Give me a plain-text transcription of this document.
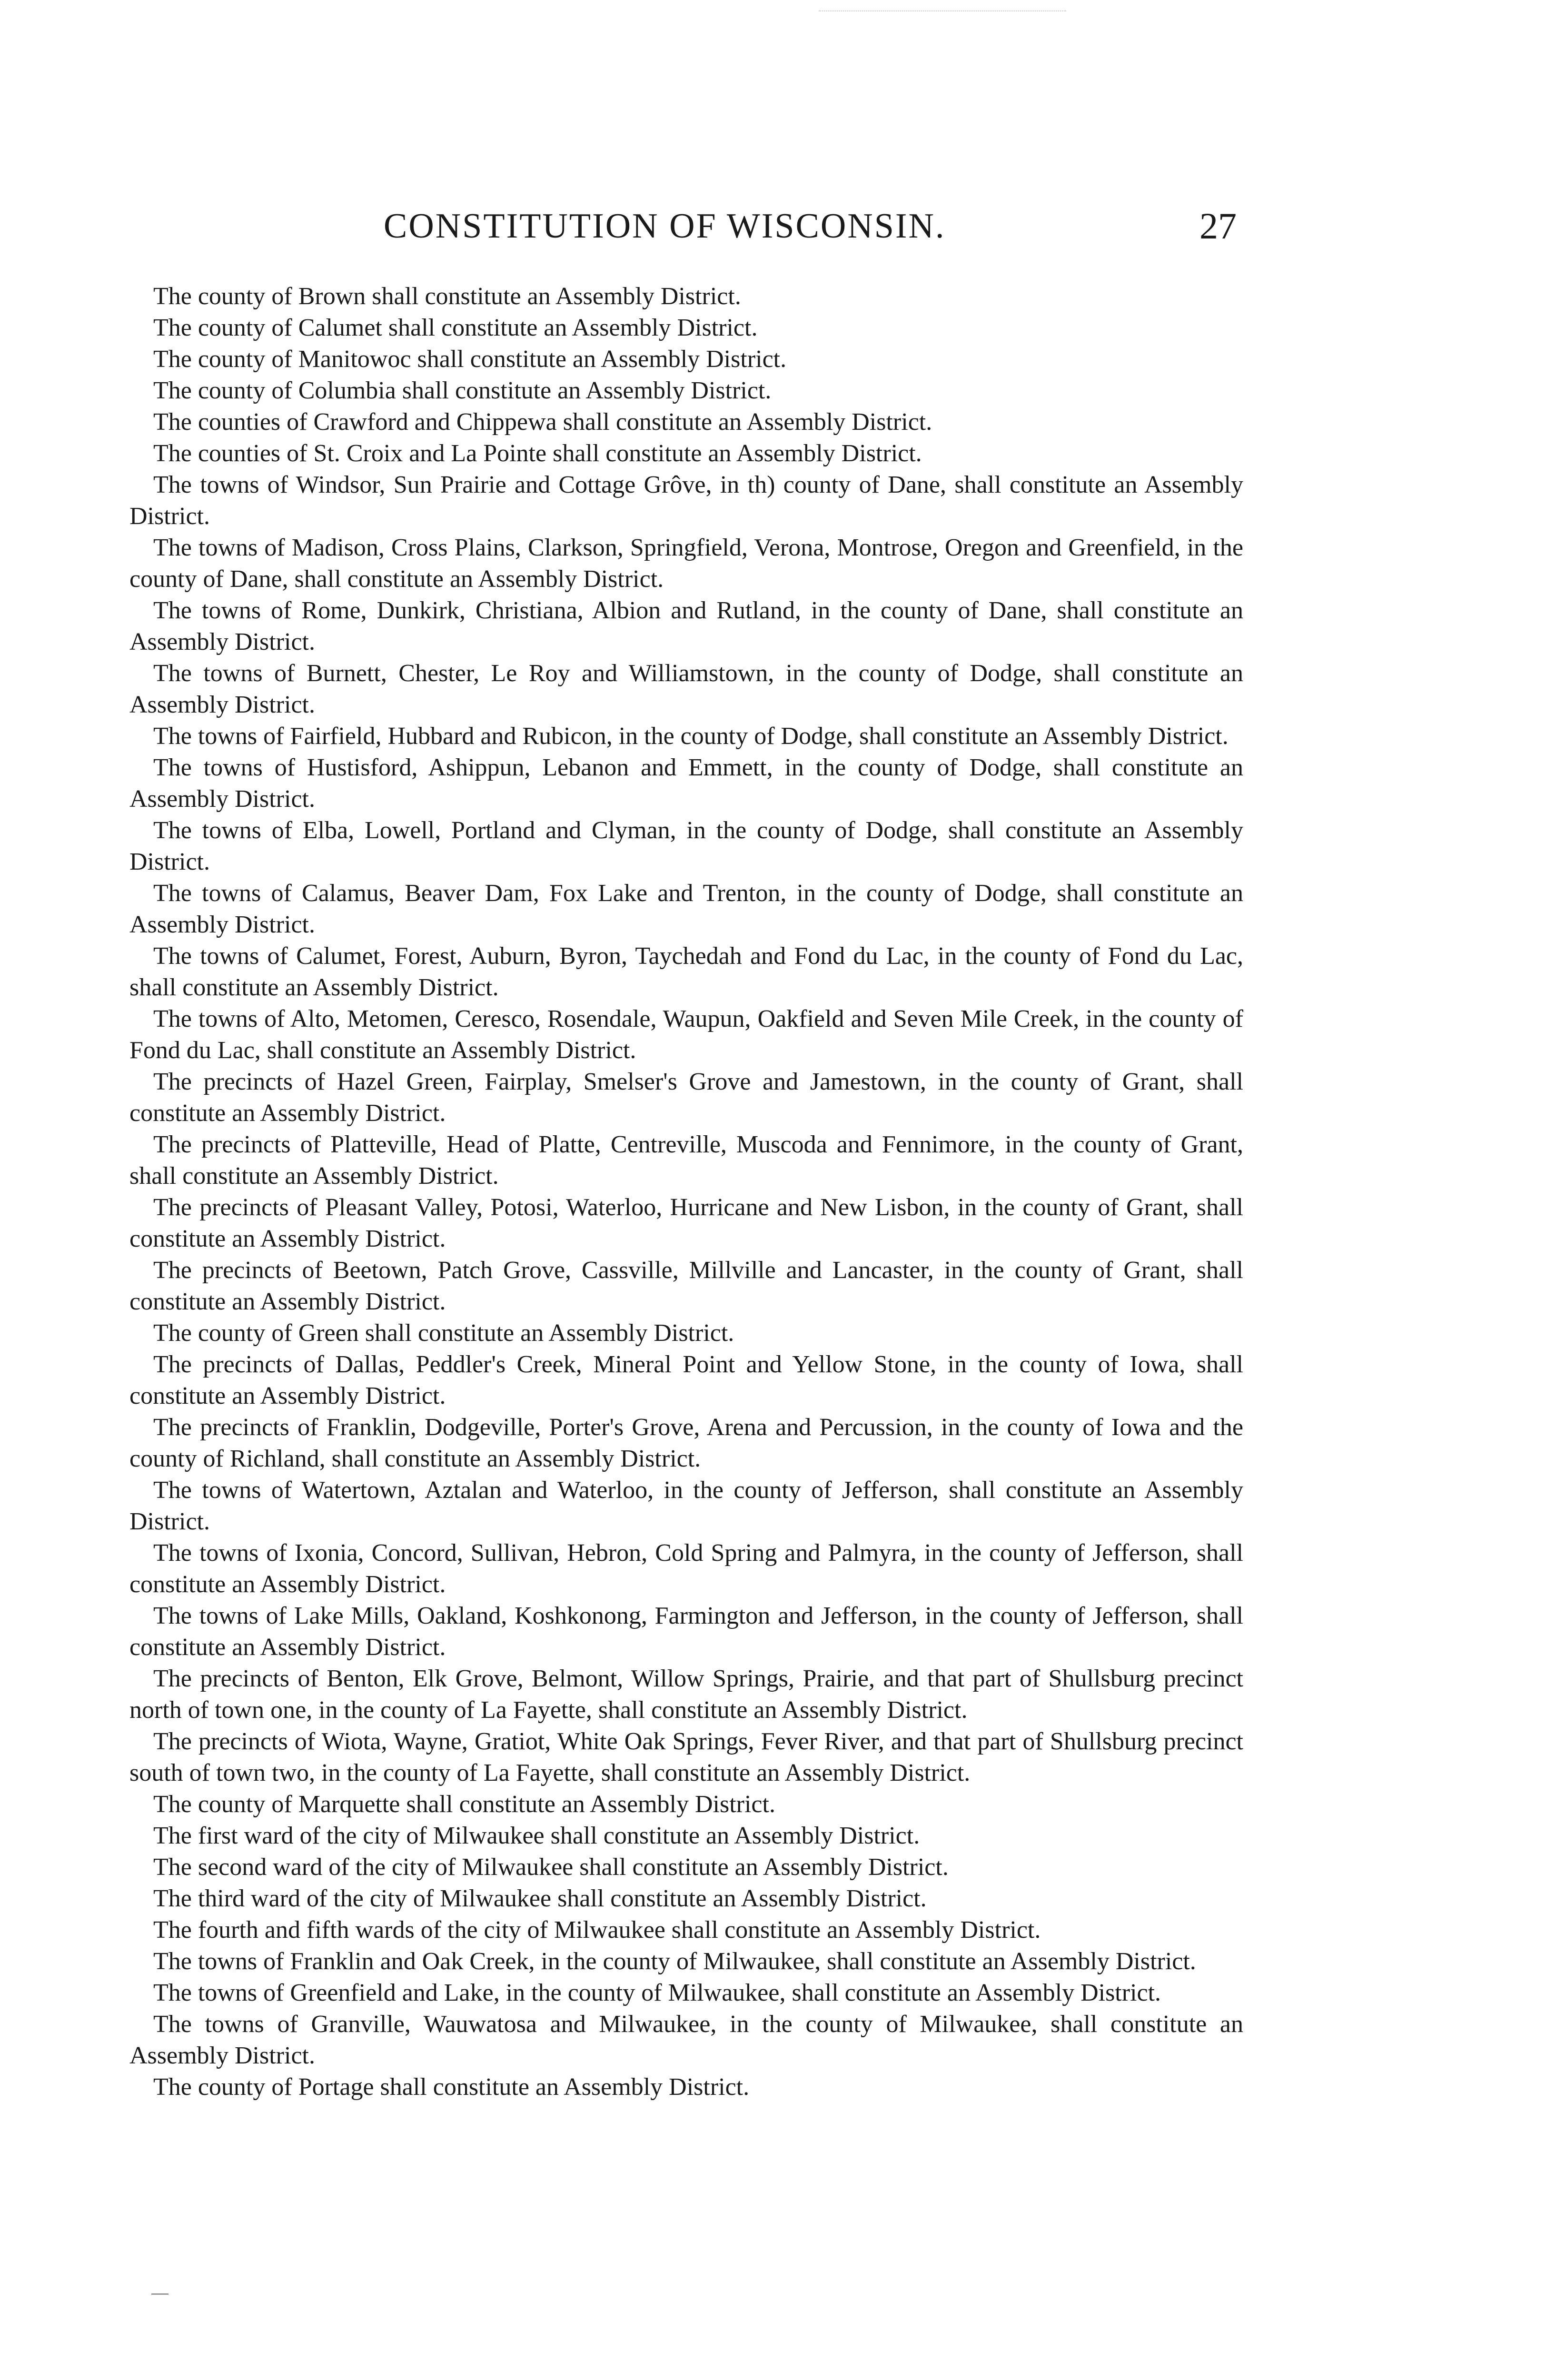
CONSTITUTION OF WISCONSIN.	27

The county of Brown shall constitute an Assembly District.

The county of Calumet shall constitute an Assembly District.

The county of Manitowoc shall constitute an Assembly District.

The county of Columbia shall constitute an Assembly District.

The counties of Crawford and Chippewa shall constitute an Assembly District.

The counties of St. Croix and La Pointe shall constitute an Assembly District.

The towns of Windsor, Sun Prairie and Cottage Grôve, in th) county of Dane, shall constitute an Assembly District.

The towns of Madison, Cross Plains, Clarkson, Springfield, Verona, Montrose, Oregon and Greenfield, in the county of Dane, shall constitute an Assembly District.

The towns of Rome, Dunkirk, Christiana, Albion and Rutland, in the county of Dane, shall constitute an Assembly District.

The towns of Burnett, Chester, Le Roy and Williamstown, in the county of Dodge, shall constitute an Assembly District.

The towns of Fairfield, Hubbard and Rubicon, in the county of Dodge, shall constitute an Assembly District.

The towns of Hustisford, Ashippun, Lebanon and Emmett, in the county of Dodge, shall constitute an Assembly District.

The towns of Elba, Lowell, Portland and Clyman, in the county of Dodge, shall constitute an Assembly District.

The towns of Calamus, Beaver Dam, Fox Lake and Trenton, in the county of Dodge, shall constitute an Assembly District.

The towns of Calumet, Forest, Auburn, Byron, Taychedah and Fond du Lac, in the county of Fond du Lac, shall constitute an Assembly District.

The towns of Alto, Metomen, Ceresco, Rosendale, Waupun, Oakfield and Seven Mile Creek, in the county of Fond du Lac, shall constitute an Assembly District.

The precincts of Hazel Green, Fairplay, Smelser's Grove and Jamestown, in the county of Grant, shall constitute an Assembly District.

The precincts of Platteville, Head of Platte, Centreville, Muscoda and Fennimore, in the county of Grant, shall constitute an Assembly District.

The precincts of Pleasant Valley, Potosi, Waterloo, Hurricane and New Lisbon, in the county of Grant, shall constitute an Assembly District.

The precincts of Beetown, Patch Grove, Cassville, Millville and Lancaster, in the county of Grant, shall constitute an Assembly District.

The county of Green shall constitute an Assembly District.

The precincts of Dallas, Peddler's Creek, Mineral Point and Yellow Stone, in the county of Iowa, shall constitute an Assembly District.

The precincts of Franklin, Dodgeville, Porter's Grove, Arena and Percussion, in the county of Iowa and the county of Richland, shall constitute an Assembly District.

The towns of Watertown, Aztalan and Waterloo, in the county of Jefferson, shall constitute an Assembly District.

The towns of Ixonia, Concord, Sullivan, Hebron, Cold Spring and Palmyra, in the county of Jefferson, shall constitute an Assembly District.

The towns of Lake Mills, Oakland, Koshkonong, Farmington and Jefferson, in the county of Jefferson, shall constitute an Assembly District.

The precincts of Benton, Elk Grove, Belmont, Willow Springs, Prairie, and that part of Shullsburg precinct north of town one, in the county of La Fayette, shall constitute an Assembly District.

The precincts of Wiota, Wayne, Gratiot, White Oak Springs, Fever River, and that part of Shullsburg precinct south of town two, in the county of La Fayette, shall constitute an Assembly District.

The county of Marquette shall constitute an Assembly District.

The first ward of the city of Milwaukee shall constitute an Assembly District.

The second ward of the city of Milwaukee shall constitute an Assembly District.

The third ward of the city of Milwaukee shall constitute an Assembly District.

The fourth and fifth wards of the city of Milwaukee shall constitute an Assembly District.

The towns of Franklin and Oak Creek, in the county of Milwaukee, shall constitute an Assembly District.

The towns of Greenfield and Lake, in the county of Milwaukee, shall constitute an Assembly District.

The towns of Granville, Wauwatosa and Milwaukee, in the county of Milwaukee, shall constitute an Assembly District.

The county of Portage shall constitute an Assembly District.
